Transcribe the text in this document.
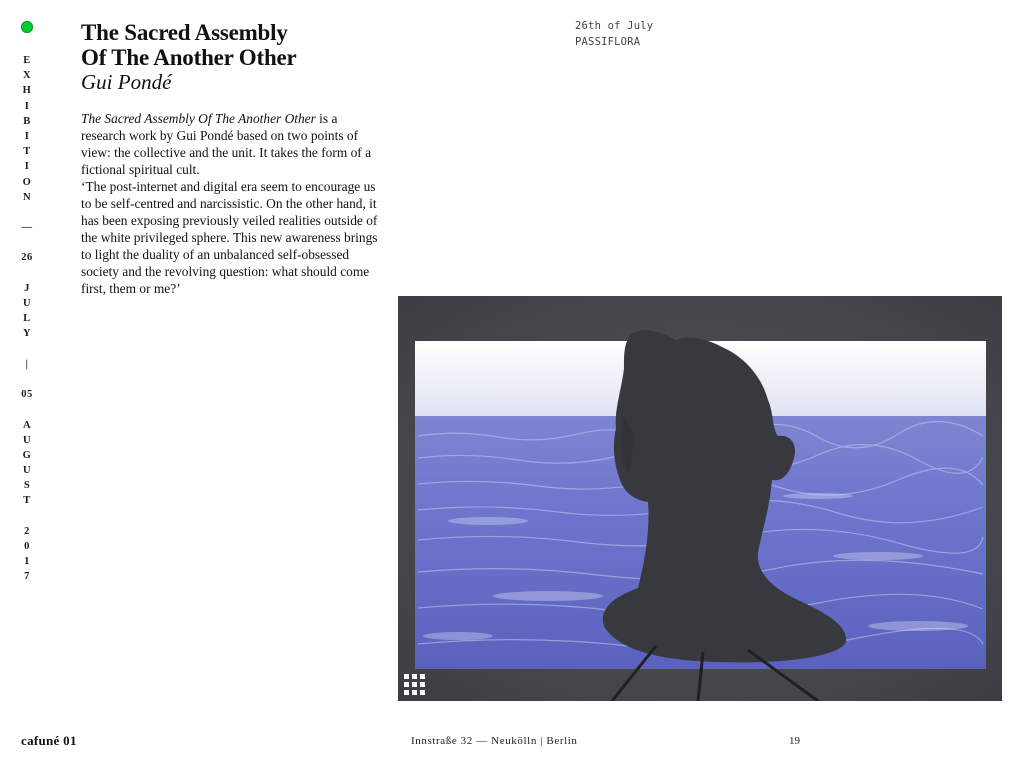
E
X
H
I
B
I
T
I
O
N
—
26
J
U
L
Y
|
05
A
U
G
U
S
T
2
0
1
7
The Sacred Assembly
Of The Another Other
Gui Pondé

The Sacred Assembly Of The Another Other is a research work by Gui Pondé based on two points of view: the collective and the unit. It takes the form of a fictional spiritual cult.

‘The post-internet and digital era seem to encourage us to be self-centred and narcissistic. On the other hand, it has been exposing previously veiled realities outside of the white privileged sphere. This new awareness brings to light the duality of an unbalanced self-obsessed society and the revolving question: what should come first, them or me?’

26th of July
PASSIFLORA
cafuné 01	Innstraße 32 — Neukölln | Berlin	19
